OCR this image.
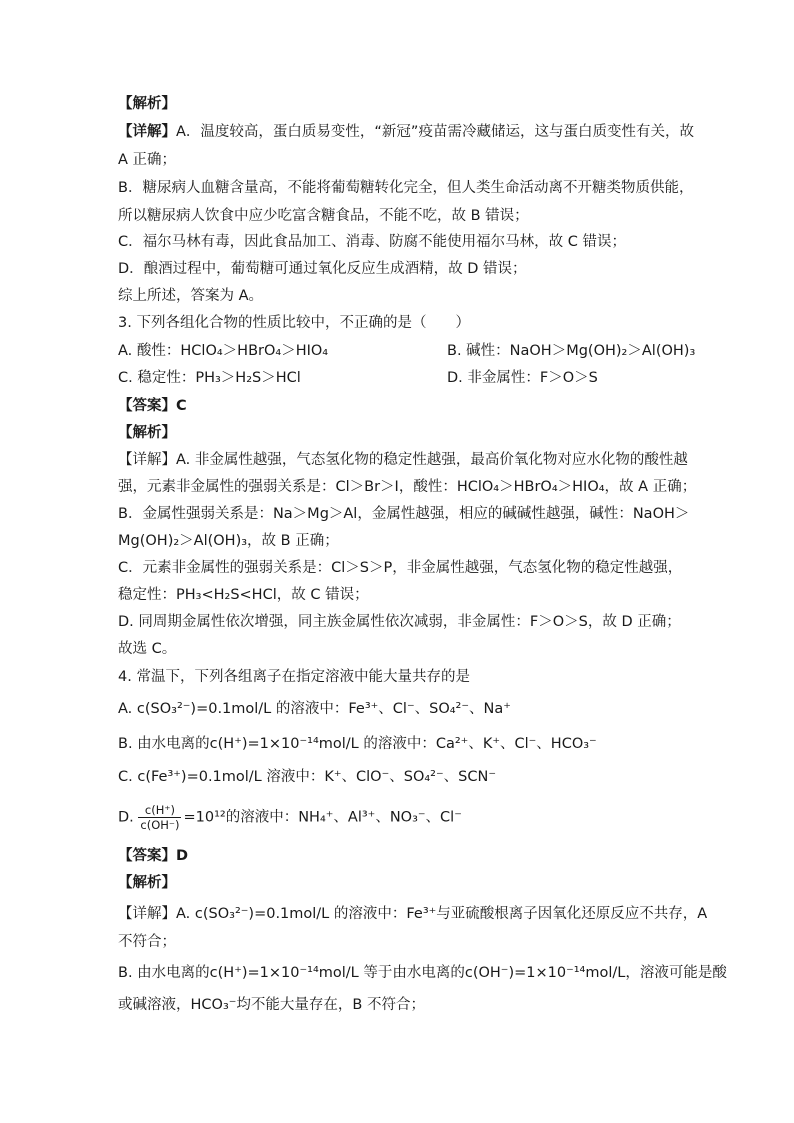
【解析】
【详解】A．温度较高，蛋白质易变性，“新冠”疫苗需冷藏储运，这与蛋白质变性有关，故
A 正确；
B．糖尿病人血糖含量高，不能将葡萄糖转化完全，但人类生命活动离不开糖类物质供能，
所以糖尿病人饮食中应少吃富含糖食品，不能不吃，故 B 错误；
C．福尔马林有毒，因此食品加工、消毒、防腐不能使用福尔马林，故 C 错误；
D．酿酒过程中，葡萄糖可通过氧化反应生成酒精，故 D 错误；
综上所述，答案为 A。
3. 下列各组化合物的性质比较中，不正确的是（　　）
A. 酸性：HClO₄＞HBrO₄＞HIO₄	B. 碱性：NaOH＞Mg(OH)₂＞Al(OH)₃
C. 稳定性：PH₃＞H₂S＞HCl	D. 非金属性：F＞O＞S
【答案】C
【解析】
【详解】A. 非金属性越强，气态氢化物的稳定性越强，最高价氧化物对应水化物的酸性越
强，元素非金属性的强弱关系是：Cl＞Br＞I，酸性：HClO₄＞HBrO₄＞HIO₄，故 A 正确；
B．金属性强弱关系是：Na＞Mg＞Al，金属性越强，相应的碱碱性越强，碱性：NaOH＞
Mg(OH)₂＞Al(OH)₃，故 B 正确；
C．元素非金属性的强弱关系是：Cl＞S＞P，非金属性越强，气态氢化物的稳定性越强，
稳定性：PH₃<H₂S<HCl，故 C 错误；
D. 同周期金属性依次增强，同主族金属性依次减弱，非金属性：F＞O＞S，故 D 正确；
故选 C。
4. 常温下，下列各组离子在指定溶液中能大量共存的是
A. c(SO₃²⁻)=0.1mol/L 的溶液中：Fe³⁺、Cl⁻、SO₄²⁻、Na⁺
B. 由水电离的c(H⁺)=1×10⁻¹⁴mol/L 的溶液中：Ca²⁺、K⁺、Cl⁻、HCO₃⁻
C. c(Fe³⁺)=0.1mol/L 溶液中：K⁺、ClO⁻、SO₄²⁻、SCN⁻
D. $\frac{c(H^+)}{c(OH^-)} =10^{12}$的溶液中：NH₄⁺、Al³⁺、NO₃⁻、Cl⁻
【答案】D
【解析】
【详解】A. c(SO₃²⁻)=0.1mol/L 的溶液中：Fe³⁺与亚硫酸根离子因氧化还原反应不共存，A
不符合；
B. 由水电离的c(H⁺)=1×10⁻¹⁴mol/L 等于由水电离的c(OH⁻)=1×10⁻¹⁴mol/L，溶液可能是酸
或碱溶液，HCO₃⁻均不能大量存在，B 不符合；
